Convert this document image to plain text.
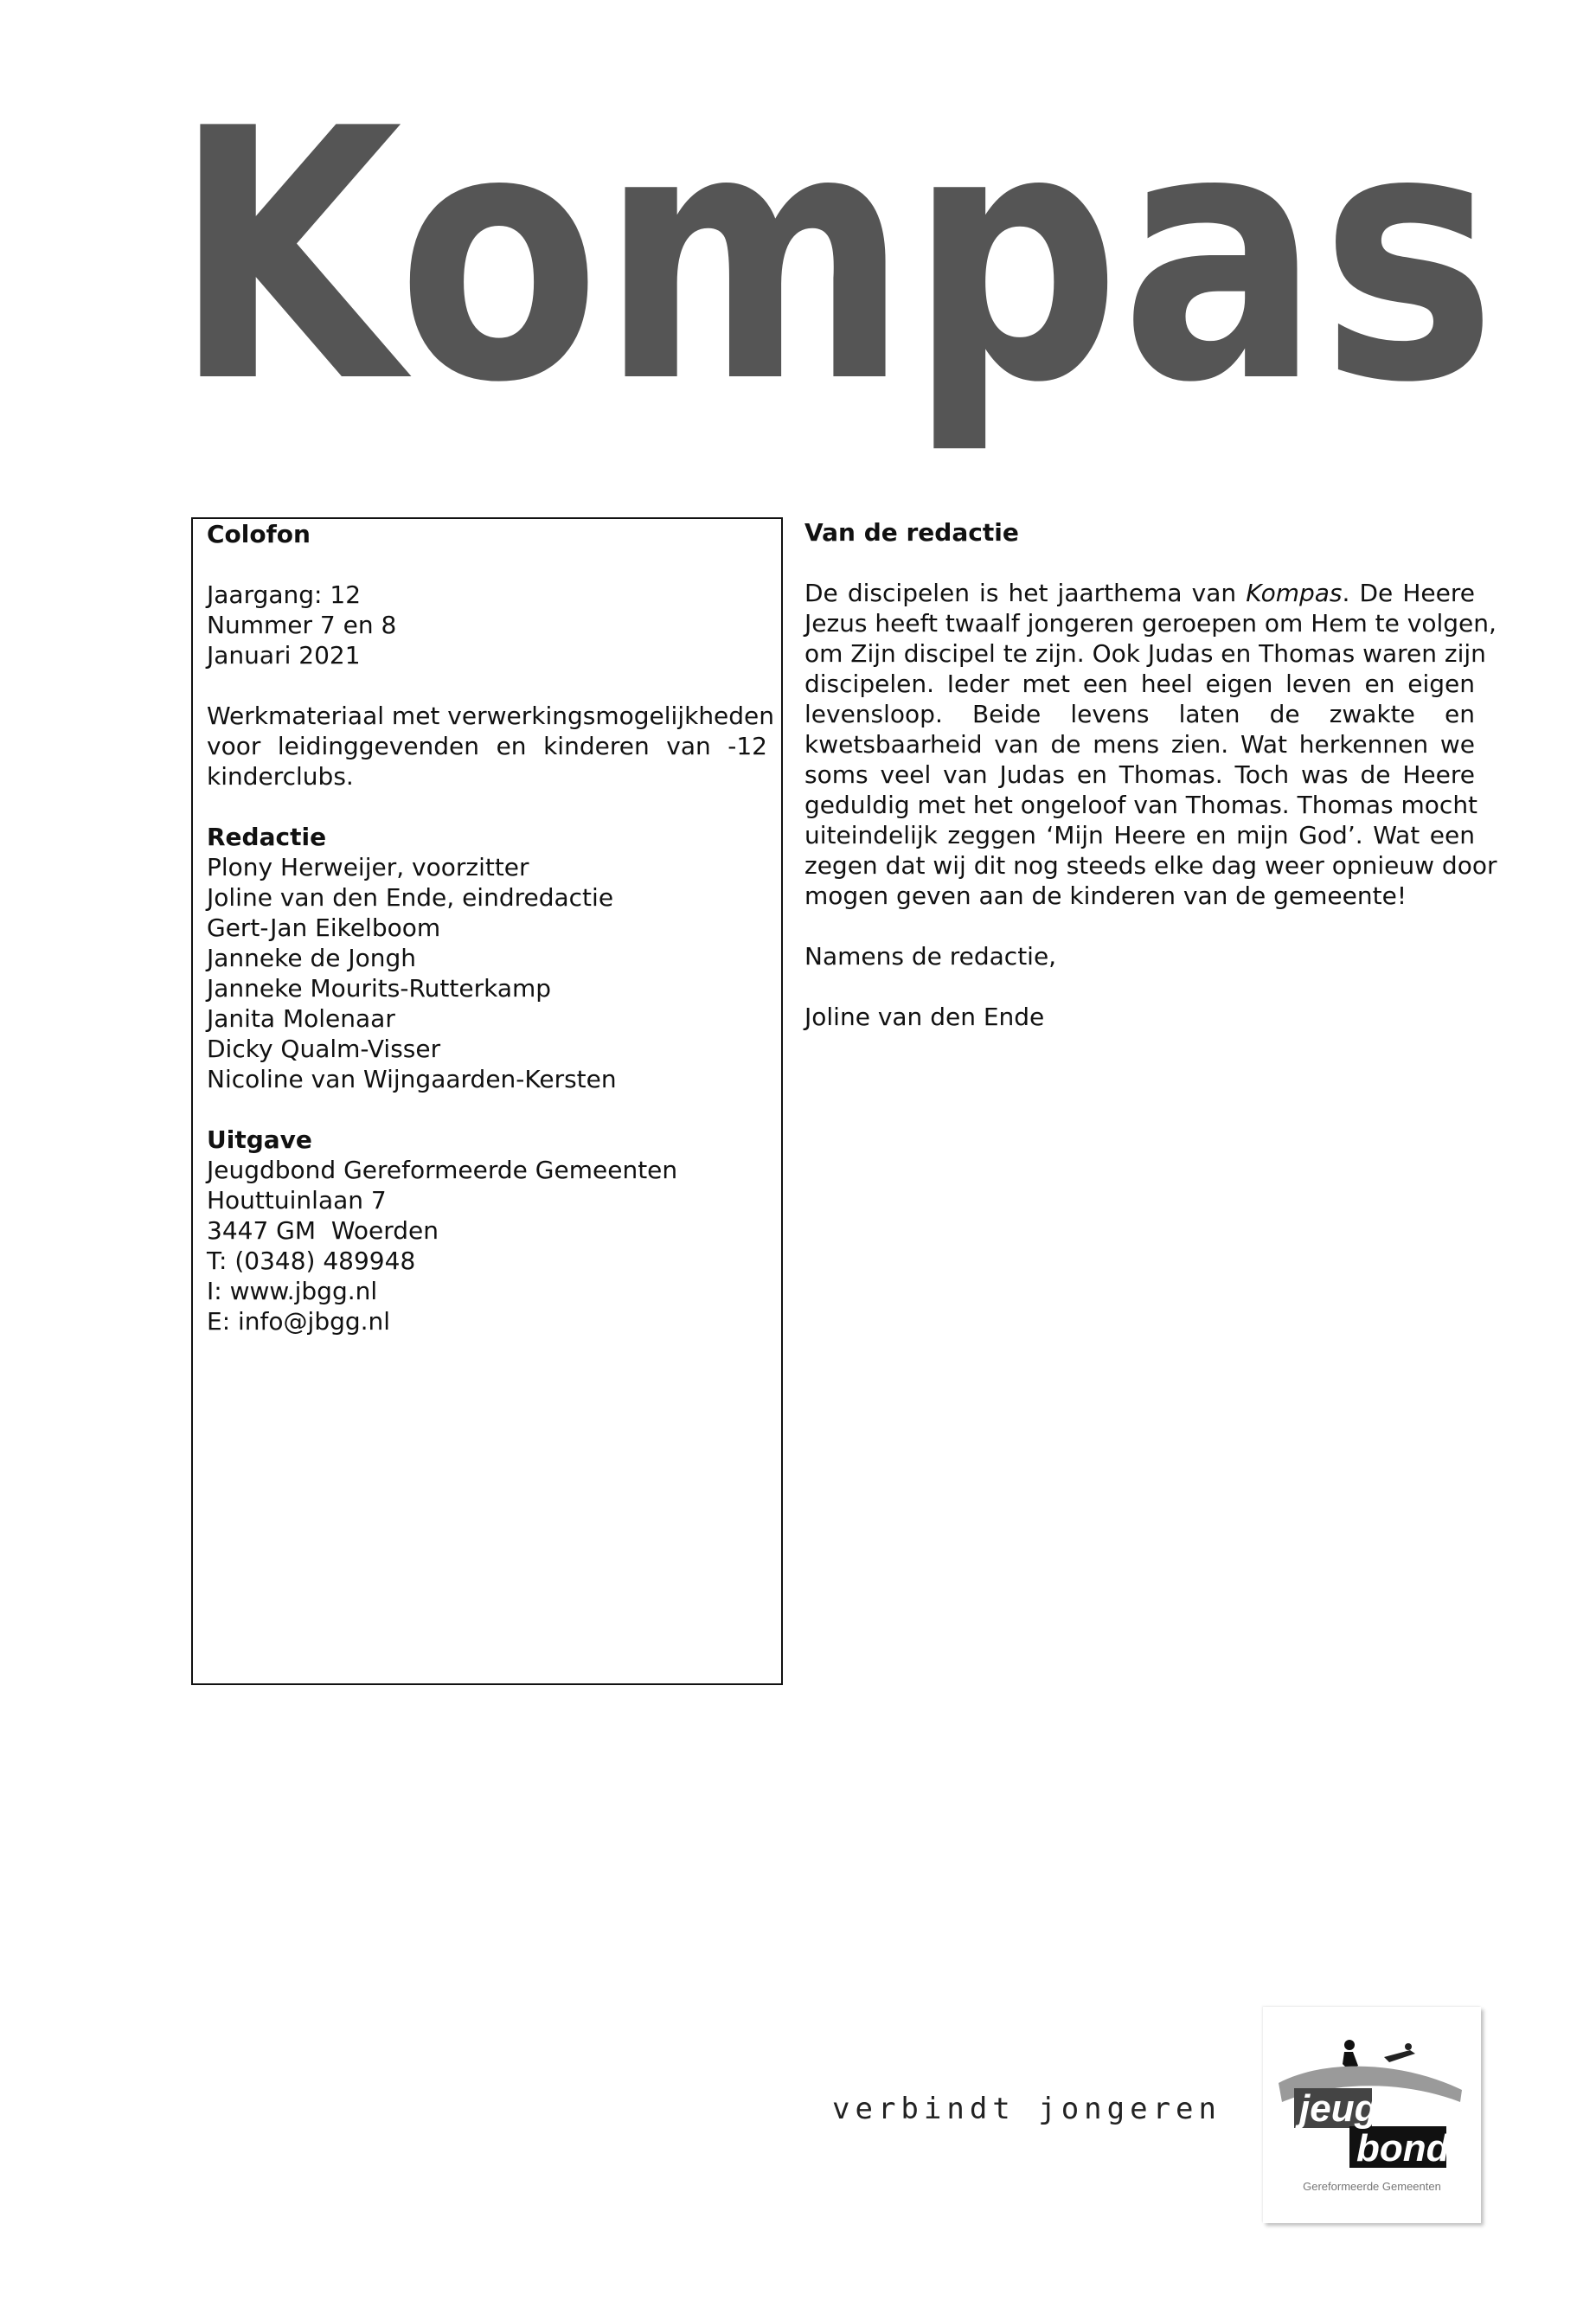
Kompas
Colofon
Jaargang: 12
Nummer 7 en 8
Januari 2021
Werkmateriaal met verwerkingsmogelijkheden
voor leidinggevenden en kinderen van -12
kinderclubs.
Redactie
Plony Herweijer, voorzitter
Joline van den Ende, eindredactie
Gert-Jan Eikelboom
Janneke de Jongh
Janneke Mourits-Rutterkamp
Janita Molenaar
Dicky Qualm-Visser
Nicoline van Wijngaarden-Kersten
Uitgave
Jeugdbond Gereformeerde Gemeenten
Houttuinlaan 7
3447 GM  Woerden
T: (0348) 489948
I: www.jbgg.nl
E: info@jbgg.nl
Van de redactie
De discipelen is het jaarthema van Kompas. De Heere
Jezus heeft twaalf jongeren geroepen om Hem te volgen,
om Zijn discipel te zijn. Ook Judas en Thomas waren zijn
discipelen. Ieder met een heel eigen leven en eigen
levensloop. Beide levens laten de zwakte en
kwetsbaarheid van de mens zien. Wat herkennen we
soms veel van Judas en Thomas. Toch was de Heere
geduldig met het ongeloof van Thomas. Thomas mocht
uiteindelijk zeggen ‘Mijn Heere en mijn God’. Wat een
zegen dat wij dit nog steeds elke dag weer opnieuw door
mogen geven aan de kinderen van de gemeente!
Namens de redactie,
Joline van den Ende
verbindt jongeren jeugd
bond
Gereformeerde Gemeenten
